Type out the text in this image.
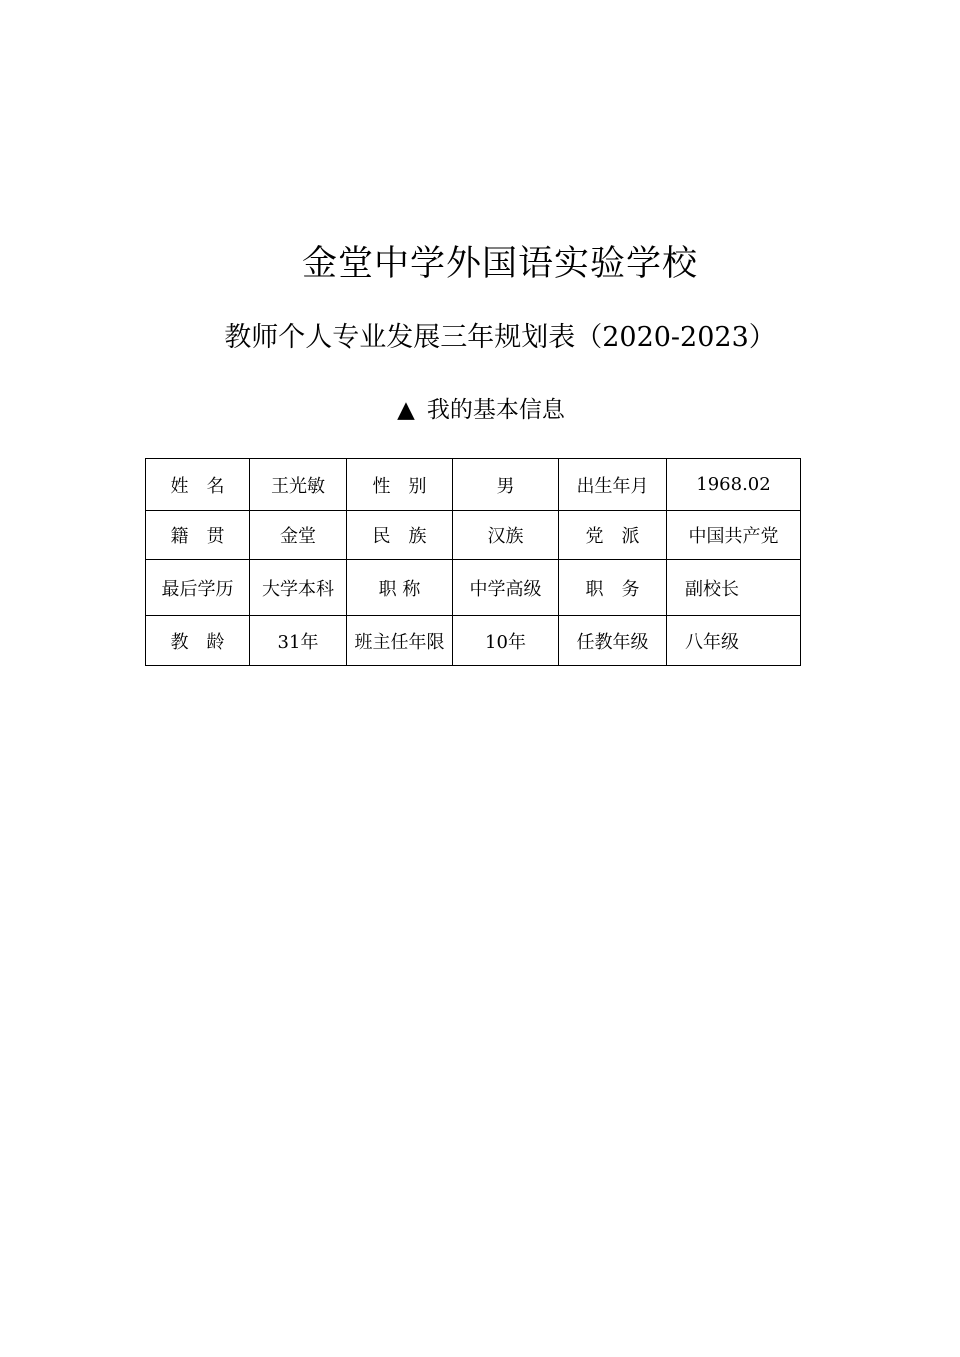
金堂中学外国语实验学校
教师个人专业发展三年规划表（2020-2023）
▲ 我的基本信息
姓　名	王光敏	性　别	男	出生年月	1968.02
籍　贯	金堂	民　族	汉族	党　派	中国共产党
最后学历	大学本科	职 称	中学高级	职　务	副校长
教　龄	31年	班主任年限	10年	任教年级	八年级
